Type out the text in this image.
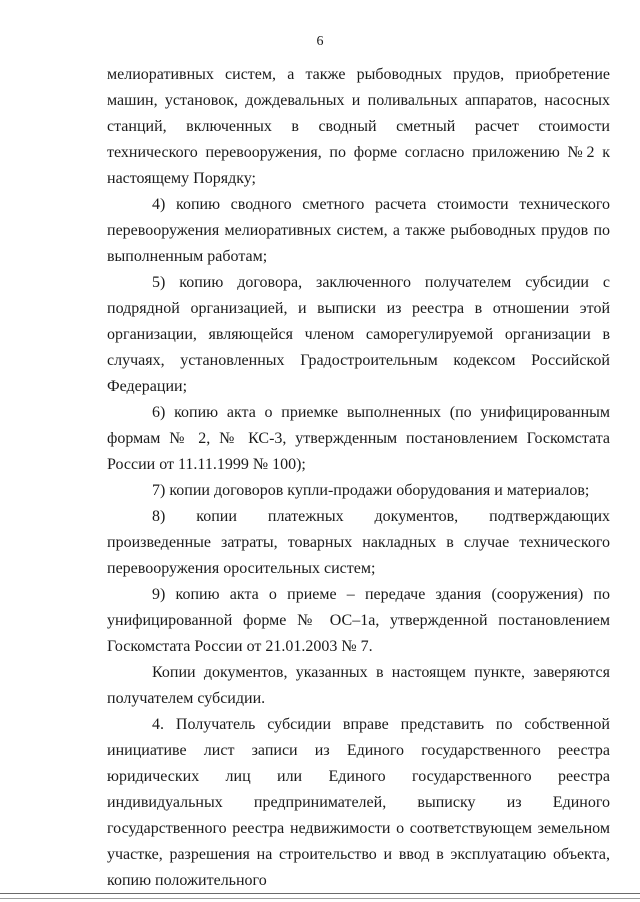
6

мелиоративных систем, а также рыбоводных прудов, приобретение машин, установок, дождевальных и поливальных аппаратов, насосных станций, включенных в сводный сметный расчет стоимости технического перевооружения, по форме согласно приложению №2 к настоящему Порядку;

4) копию сводного сметного расчета стоимости технического перевооружения мелиоративных систем, а также рыбоводных прудов по выполненным работам;

5) копию договора, заключенного получателем субсидии с подрядной организацией, и выписки из реестра в отношении этой организации, являющейся членом саморегулируемой организации в случаях, установленных Градостроительным кодексом Российской Федерации;

6) копию акта о приемке выполненных (по унифицированным формам № 2, № КС-3, утвержденным постановлением Госкомстата России от 11.11.1999 № 100);

7) копии договоров купли-продажи оборудования и материалов;

8) копии платежных документов, подтверждающих произведенные затраты, товарных накладных в случае технического перевооружения оросительных систем;

9) копию акта о приеме – передаче здания (сооружения) по унифицированной форме № ОС–1а, утвержденной постановлением Госкомстата России от 21.01.2003 № 7.

Копии документов, указанных в настоящем пункте, заверяются получателем субсидии.

4. Получатель субсидии вправе представить по собственной инициативе лист записи из Единого государственного реестра юридических лиц или Единого государственного реестра индивидуальных предпринимателей, выписку из Единого государственного реестра недвижимости о соответствующем земельном участке, разрешения на строительство и ввод в эксплуатацию объекта, копию положительного
